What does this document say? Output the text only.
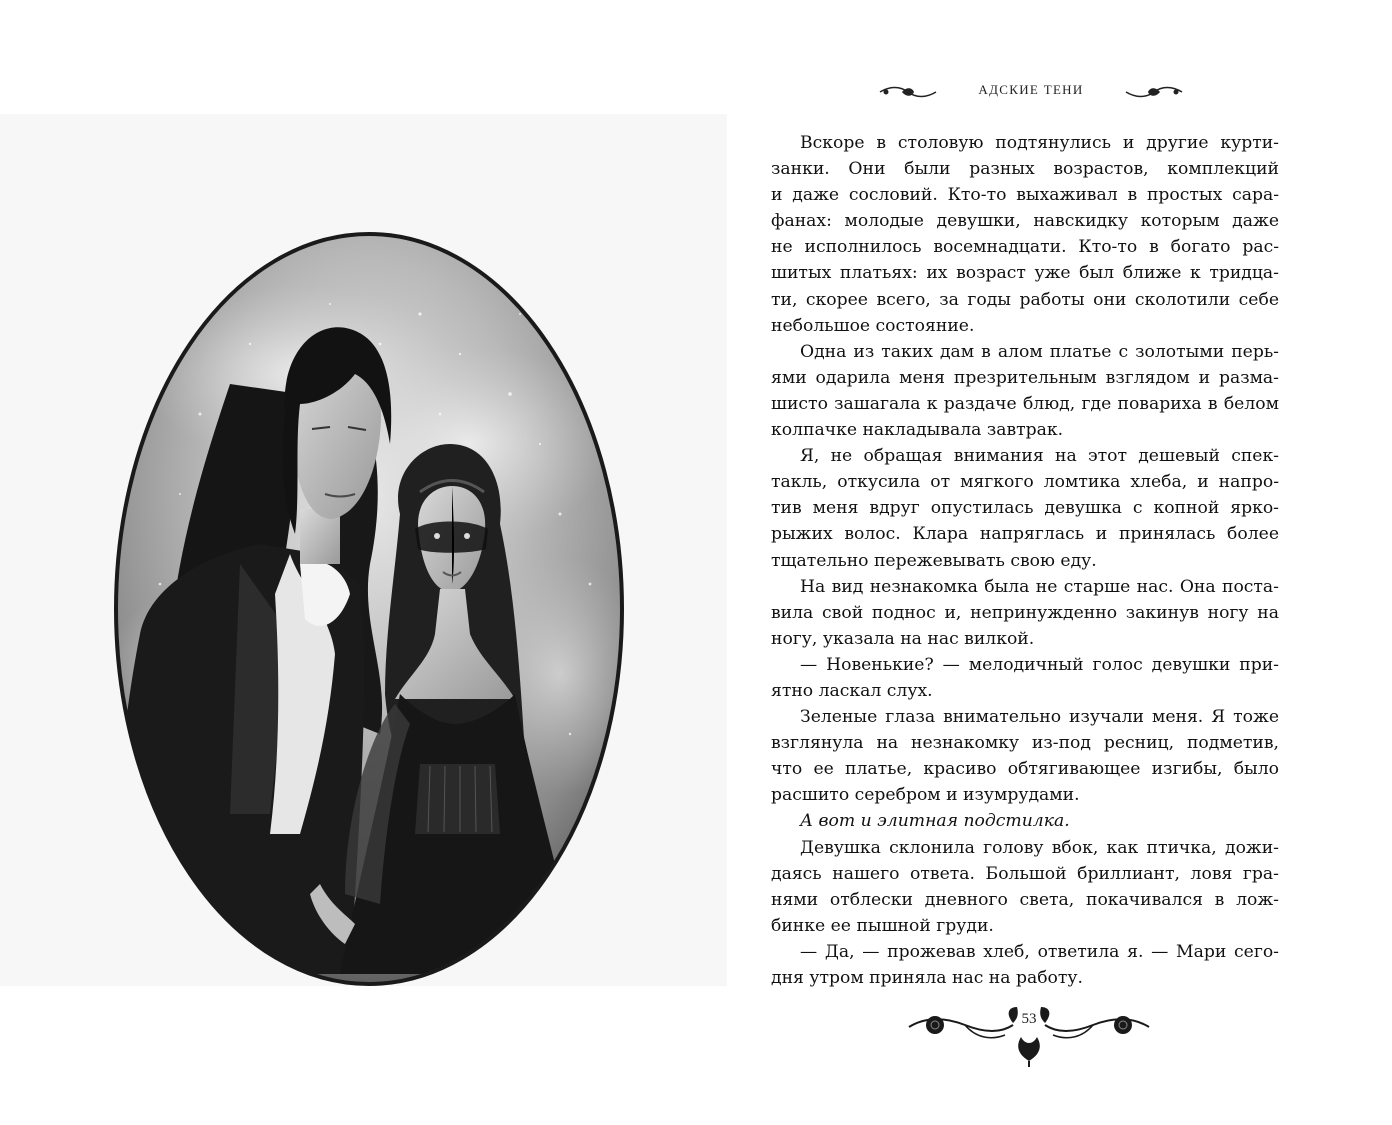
АДСКИЕ ТЕНИ
Вскоре в столовую подтянулись и другие курти-
занки. Они были разных возрастов, комплекций
и даже сословий. Кто-то выхаживал в простых сара-
фанах: молодые девушки, навскидку которым даже
не исполнилось восемнадцати. Кто-то в богато рас-
шитых платьях: их возраст уже был ближе к тридца-
ти, скорее всего, за годы работы они сколотили себе
небольшое состояние.
Одна из таких дам в алом платье с золотыми перь-
ями одарила меня презрительным взглядом и разма-
шисто зашагала к раздаче блюд, где повариха в белом
колпачке накладывала завтрак.
Я, не обращая внимания на этот дешевый спек-
такль, откусила от мягкого ломтика хлеба, и напро-
тив меня вдруг опустилась девушка с копной ярко-
рыжих волос. Клара напряглась и принялась более
тщательно пережевывать свою еду.
На вид незнакомка была не старше нас. Она поста-
вила свой поднос и, непринужденно закинув ногу на
ногу, указала на нас вилкой.
— Новенькие? — мелодичный голос девушки при-
ятно ласкал слух.
Зеленые глаза внимательно изучали меня. Я тоже
взглянула на незнакомку из-под ресниц, подметив,
что ее платье, красиво обтягивающее изгибы, было
расшито серебром и изумрудами.
А вот и элитная подстилка.
Девушка склонила голову вбок, как птичка, дожи-
даясь нашего ответа. Большой бриллиант, ловя гра-
нями отблески дневного света, покачивался в лож-
бинке ее пышной груди.
— Да, — прожевав хлеб, ответила я. — Мари сего-
дня утром приняла нас на работу.
53
